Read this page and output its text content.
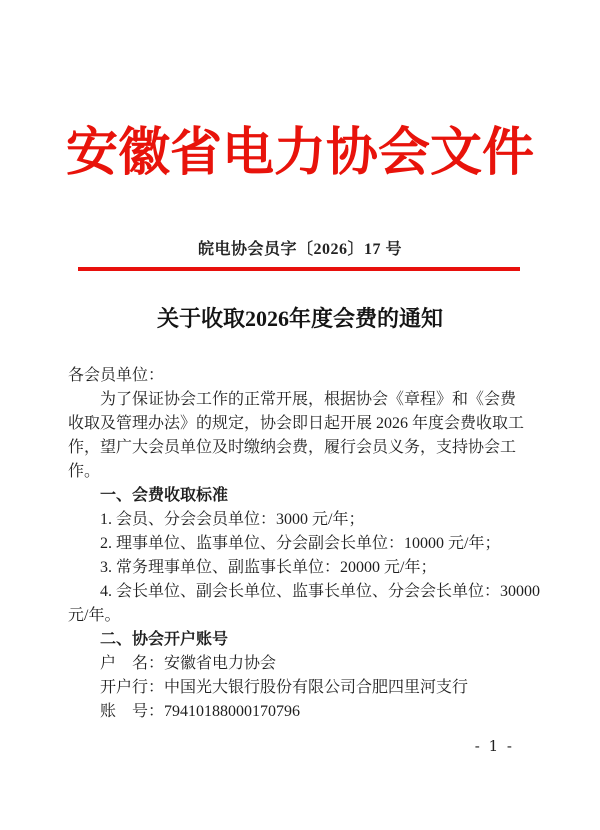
安徽省电力协会文件
皖电协会员字〔2026〕17 号
关于收取2026年度会费的通知

各会员单位：

为了保证协会工作的正常开展，根据协会《章程》和《会费

收取及管理办法》的规定，协会即日起开展 2026 年度会费收取工

作，望广大会员单位及时缴纳会费，履行会员义务，支持协会工

作。

一、会费收取标准

1. 会员、分会会员单位：3000 元/年；

2. 理事单位、监事单位、分会副会长单位：10000 元/年；

3. 常务理事单位、副监事长单位：20000 元/年；

4. 会长单位、副会长单位、监事长单位、分会会长单位：30000

元/年。

二、协会开户账号

户　名：安徽省电力协会

开户行：中国光大银行股份有限公司合肥四里河支行

账　号：79410188000170796

- 1 -
